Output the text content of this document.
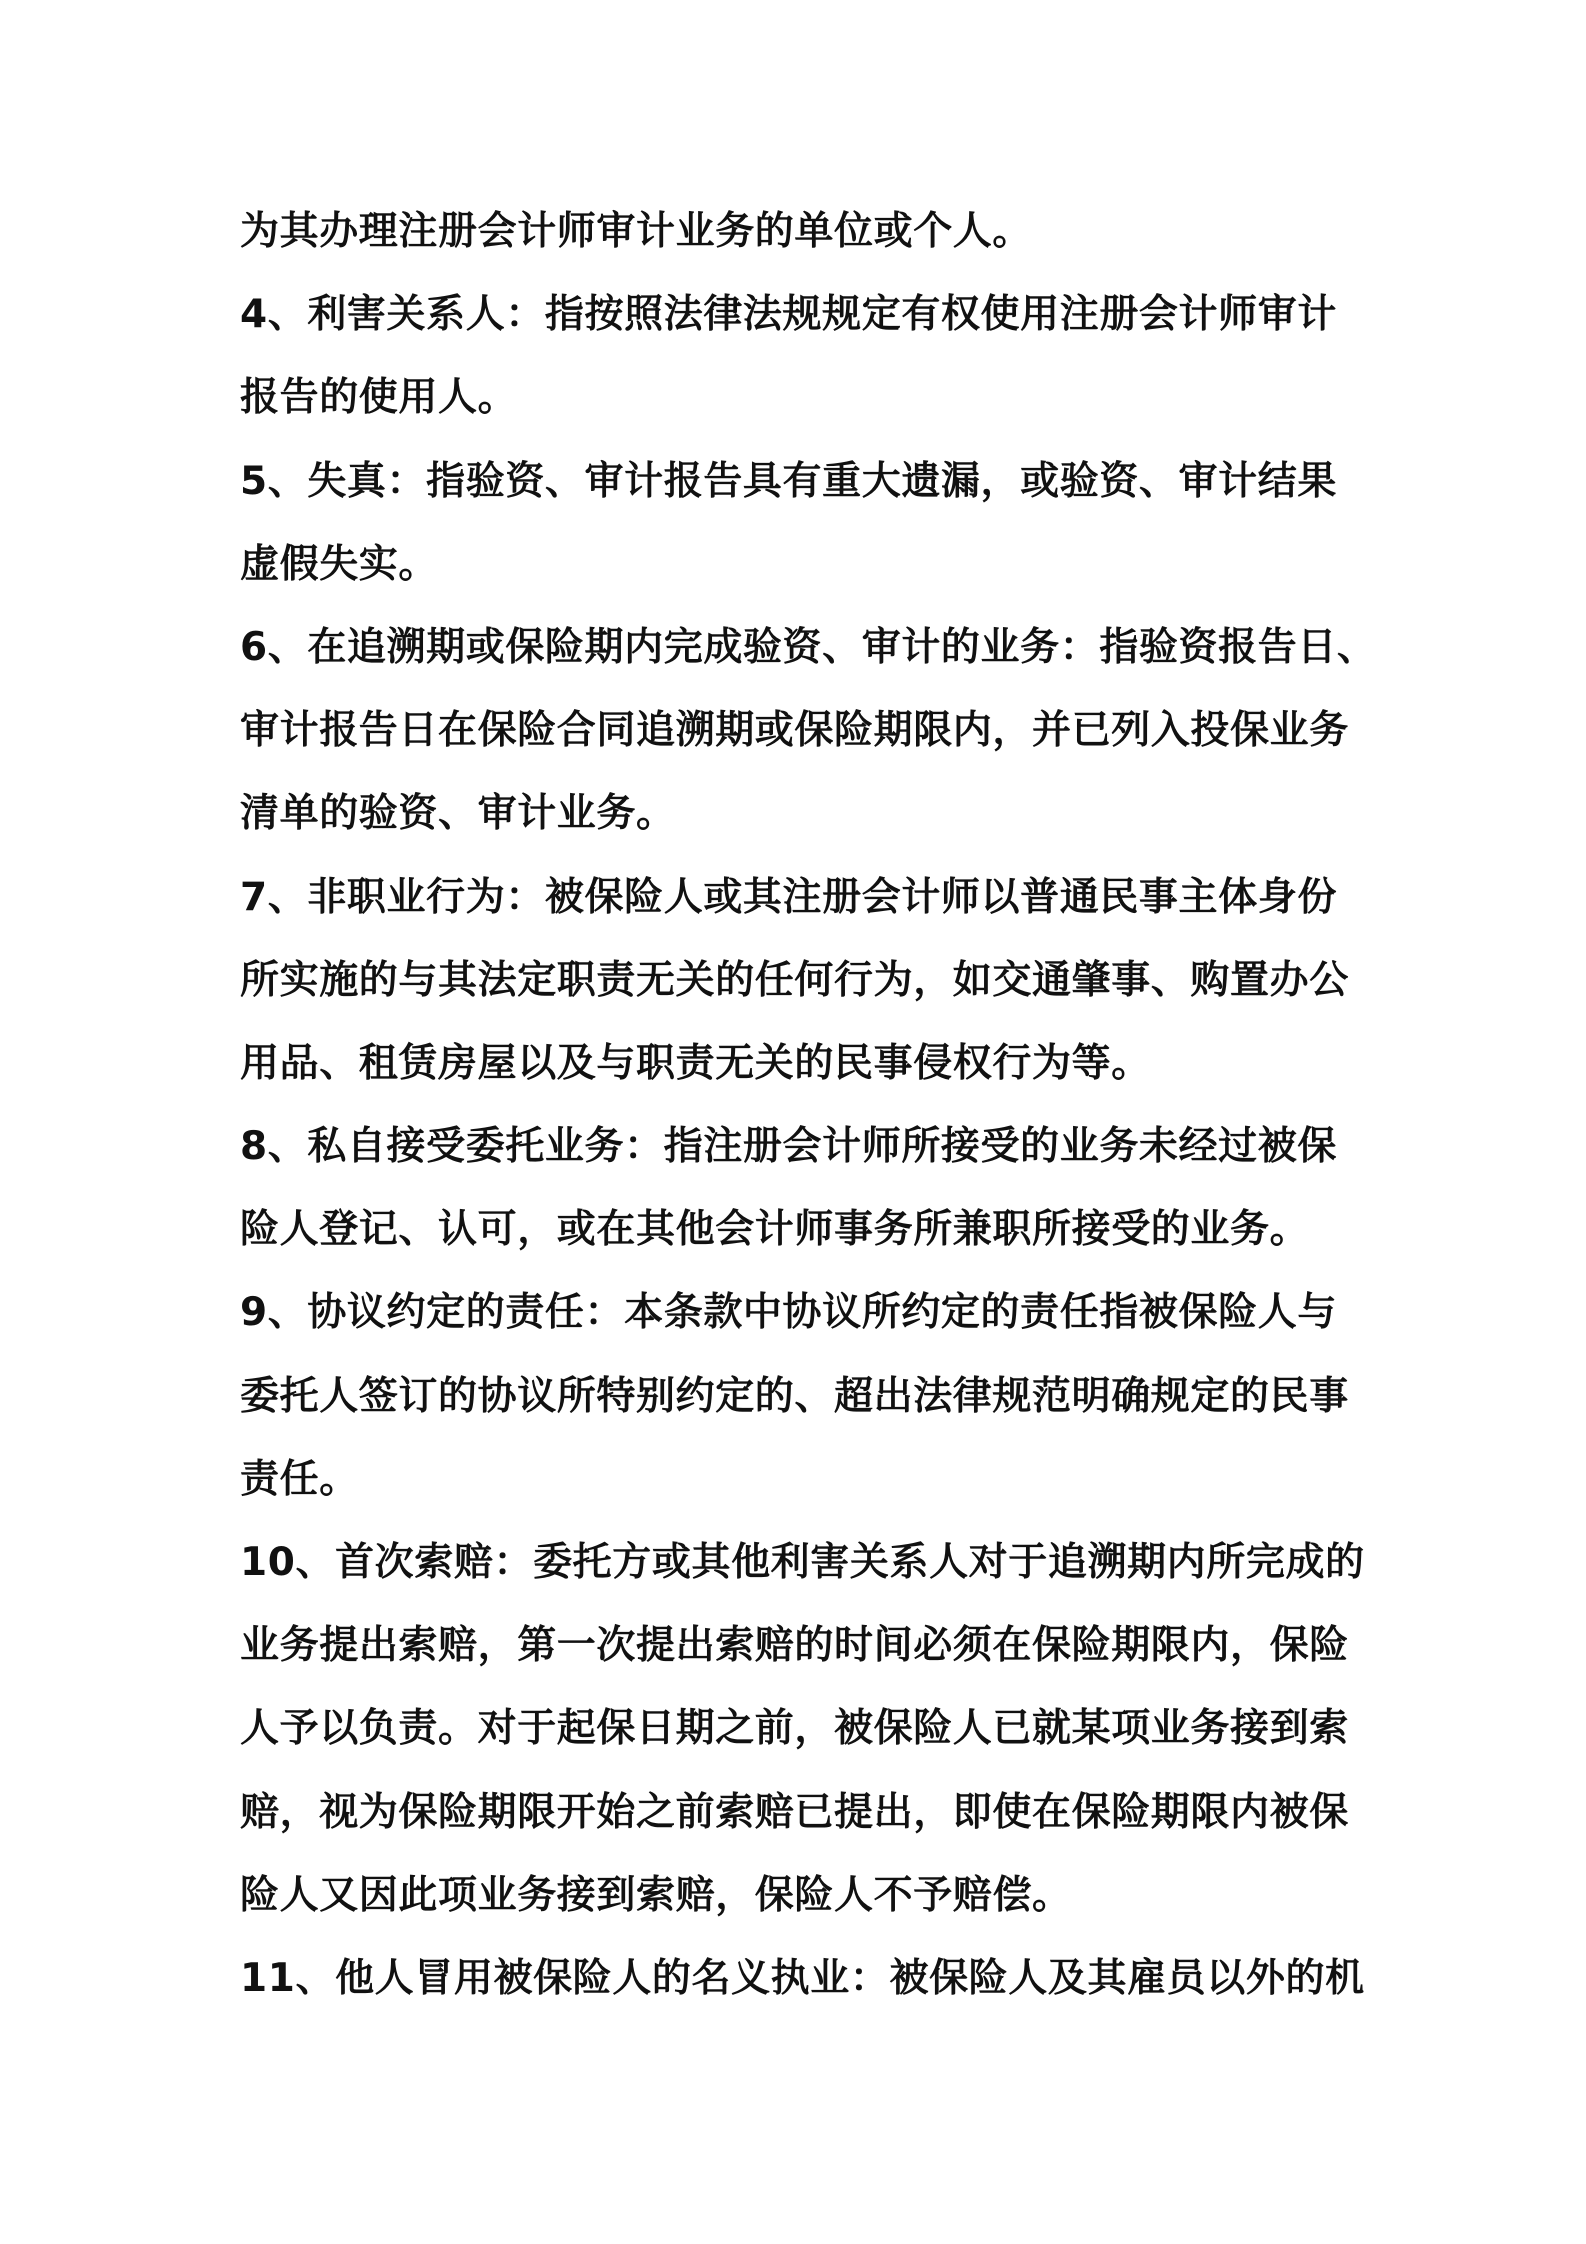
为其办理注册会计师审计业务的单位或个人。
4、利害关系人：指按照法律法规规定有权使用注册会计师审计
报告的使用人。
5、失真：指验资、审计报告具有重大遗漏，或验资、审计结果
虚假失实。
6、在追溯期或保险期内完成验资、审计的业务：指验资报告日、
审计报告日在保险合同追溯期或保险期限内，并已列入投保业务
清单的验资、审计业务。
7、非职业行为：被保险人或其注册会计师以普通民事主体身份
所实施的与其法定职责无关的任何行为，如交通肇事、购置办公
用品、租赁房屋以及与职责无关的民事侵权行为等。
8、私自接受委托业务：指注册会计师所接受的业务未经过被保
险人登记、认可，或在其他会计师事务所兼职所接受的业务。
9、协议约定的责任：本条款中协议所约定的责任指被保险人与
委托人签订的协议所特别约定的、超出法律规范明确规定的民事
责任。
10、首次索赔：委托方或其他利害关系人对于追溯期内所完成的
业务提出索赔，第一次提出索赔的时间必须在保险期限内，保险
人予以负责。对于起保日期之前，被保险人已就某项业务接到索
赔，视为保险期限开始之前索赔已提出，即使在保险期限内被保
险人又因此项业务接到索赔，保险人不予赔偿。
11、他人冒用被保险人的名义执业：被保险人及其雇员以外的机
